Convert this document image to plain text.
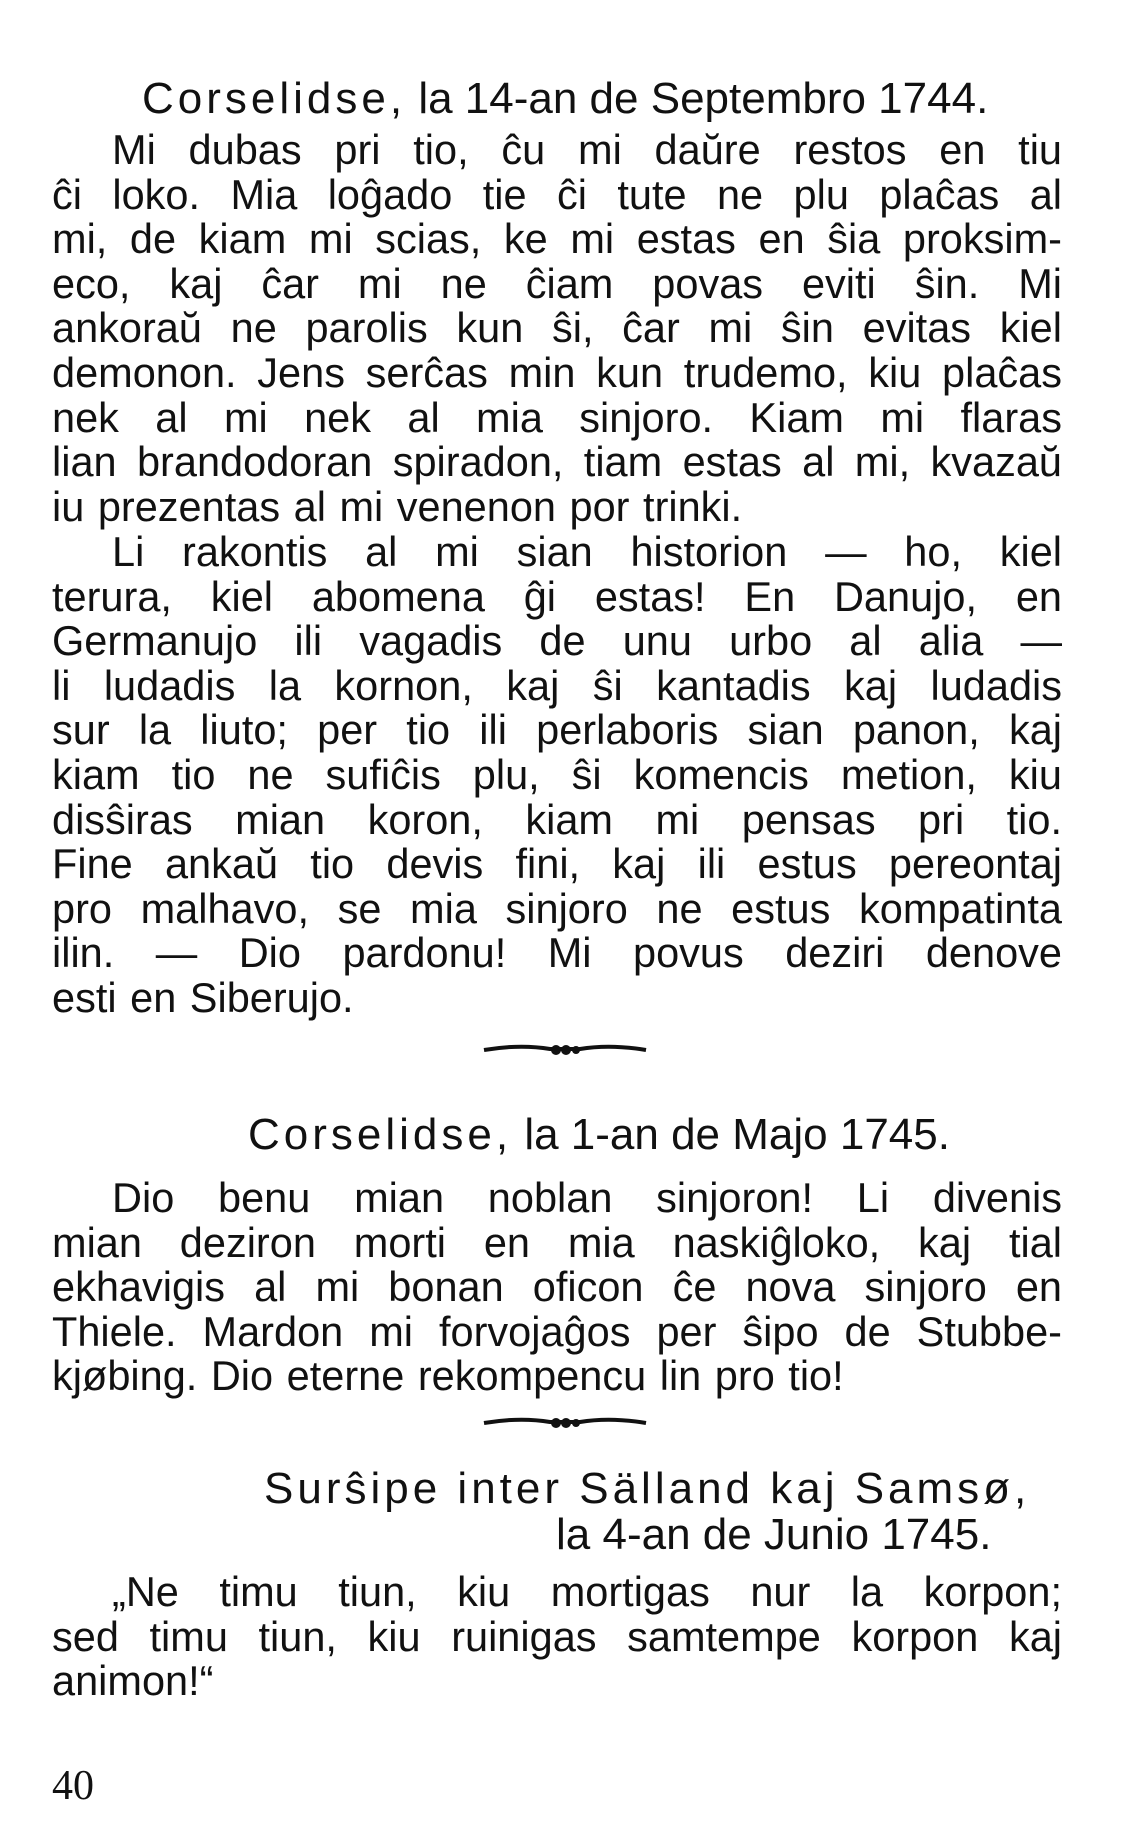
Corselidse, la 14-an de Septembro 1744.
Mi dubas pri tio, ĉu mi daŭre restos en tiu
ĉi loko. Mia loĝado tie ĉi tute ne plu plaĉas al
mi, de kiam mi scias, ke mi estas en ŝia proksim-
eco, kaj ĉar mi ne ĉiam povas eviti ŝin. Mi
ankoraŭ ne parolis kun ŝi, ĉar mi ŝin evitas kiel
demonon. Jens serĉas min kun trudemo, kiu plaĉas
nek al mi nek al mia sinjoro. Kiam mi flaras
lian brandodoran spiradon, tiam estas al mi, kvazaŭ
iu prezentas al mi venenon por trinki.
Li rakontis al mi sian historion — ho, kiel
terura, kiel abomena ĝi estas! En Danujo, en
Germanujo ili vagadis de unu urbo al alia —
li ludadis la kornon, kaj ŝi kantadis kaj ludadis
sur la liuto; per tio ili perlaboris sian panon, kaj
kiam tio ne sufiĉis plu, ŝi komencis metion, kiu
disŝiras mian koron, kiam mi pensas pri tio.
Fine ankaŭ tio devis fini, kaj ili estus pereontaj
pro malhavo, se mia sinjoro ne estus kompatinta
ilin. — Dio pardonu! Mi povus deziri denove
esti en Siberujo.
Corselidse, la 1-an de Majo 1745.
Dio benu mian noblan sinjoron! Li divenis
mian deziron morti en mia naskiĝloko, kaj tial
ekhavigis al mi bonan oficon ĉe nova sinjoro en
Thiele. Mardon mi forvojaĝos per ŝipo de Stubbe-
kjøbing. Dio eterne rekompencu lin pro tio!
Surŝipe inter Sälland kaj Samsø,
la 4-an de Junio 1745.
„Ne timu tiun, kiu mortigas nur la korpon;
sed timu tiun, kiu ruinigas samtempe korpon kaj
animon!“
40
